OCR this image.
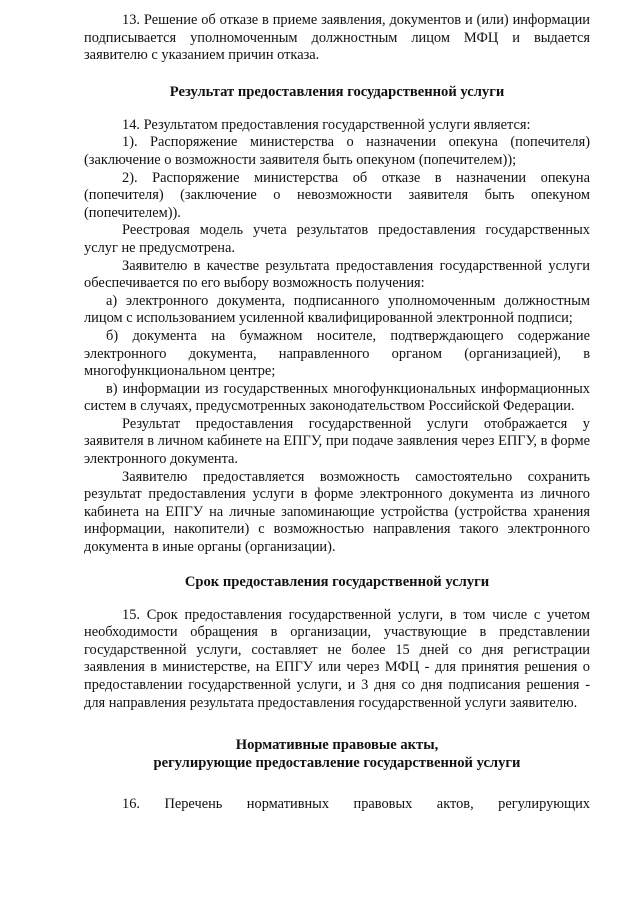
13. Решение об отказе в приеме заявления, документов и (или) информации подписывается уполномоченным должностным лицом МФЦ и выдается заявителю с указанием причин отказа.

Результат предоставления государственной услуги

14. Результатом предоставления государственной услуги является:

1). Распоряжение министерства о назначении опекуна (попечителя) (заключение о возможности заявителя быть опекуном (попечителем));

2). Распоряжение министерства об отказе в назначении опекуна (попечителя) (заключение о невозможности заявителя быть опекуном (попечителем)).

Реестровая модель учета результатов предоставления государственных услуг не предусмотрена.

Заявителю в качестве результата предоставления государственной услуги обеспечивается по его выбору возможность получения:

а) электронного документа, подписанного уполномоченным должностным лицом с использованием усиленной квалифицированной электронной подписи;

б) документа на бумажном носителе, подтверждающего содержание электронного документа, направленного органом (организацией), в многофункциональном центре;

в) информации из государственных многофункциональных информационных систем в случаях, предусмотренных законодательством Российской Федерации.

Результат предоставления государственной услуги отображается у заявителя в личном кабинете на ЕПГУ, при подаче заявления через ЕПГУ, в форме электронного документа.

Заявителю предоставляется возможность самостоятельно сохранить результат предоставления услуги в форме электронного документа из личного кабинета на ЕПГУ на личные запоминающие устройства (устройства хранения информации, накопители) с возможностью направления такого электронного документа в иные органы (организации).

Срок предоставления государственной услуги

15. Срок предоставления государственной услуги, в том числе с учетом необходимости обращения в организации, участвующие в представлении государственной услуги, составляет не более 15 дней со дня регистрации заявления в министерстве, на ЕПГУ или через МФЦ - для принятия решения о предоставлении государственной услуги, и 3 дня со дня подписания решения - для направления результата предоставления государственной услуги заявителю.

Нормативные правовые акты,
регулирующие предоставление государственной услуги

16. Перечень нормативных правовых актов, регулирующих
